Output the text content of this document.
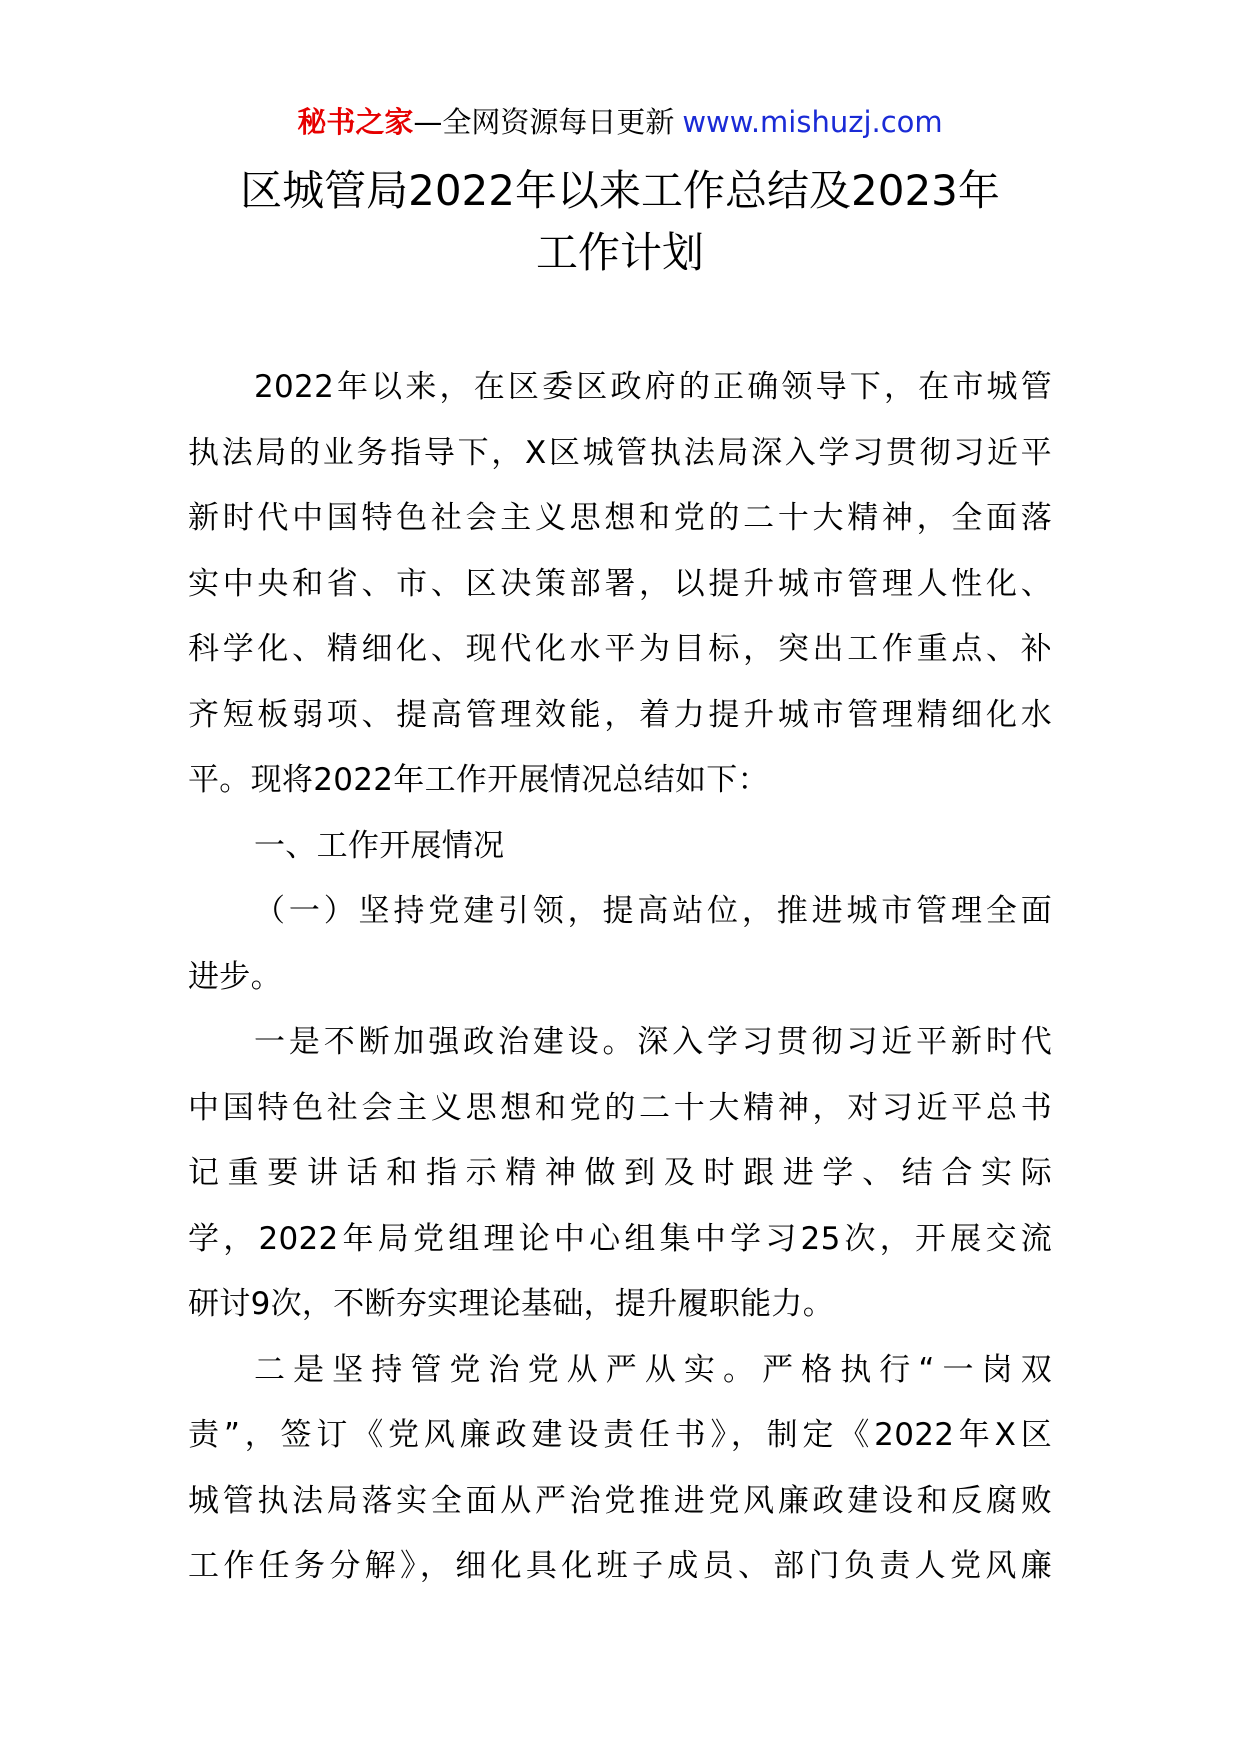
秘书之家—全网资源每日更新 www.mishuzj.com
区城管局2022年以来工作总结及2023年
工作计划

2022年以来，在区委区政府的正确领导下，在市城管
执法局的业务指导下，X区城管执法局深入学习贯彻习近平
新时代中国特色社会主义思想和党的二十大精神，全面落
实中央和省、市、区决策部署，以提升城市管理人性化、
科学化、精细化、现代化水平为目标，突出工作重点、补
齐短板弱项、提高管理效能，着力提升城市管理精细化水
平。现将2022年工作开展情况总结如下：

一、工作开展情况

（一）坚持党建引领，提高站位，推进城市管理全面
进步。

一是不断加强政治建设。深入学习贯彻习近平新时代
中国特色社会主义思想和党的二十大精神，对习近平总书
记重要讲话和指示精神做到及时跟进学、结合实际
学，2022年局党组理论中心组集中学习25次，开展交流
研讨9次，不断夯实理论基础，提升履职能力。

二是坚持管党治党从严从实。严格执行“一岗双
责”，签订《党风廉政建设责任书》，制定《2022年X区
城管执法局落实全面从严治党推进党风廉政建设和反腐败
工作任务分解》，细化具化班子成员、部门负责人党风廉
